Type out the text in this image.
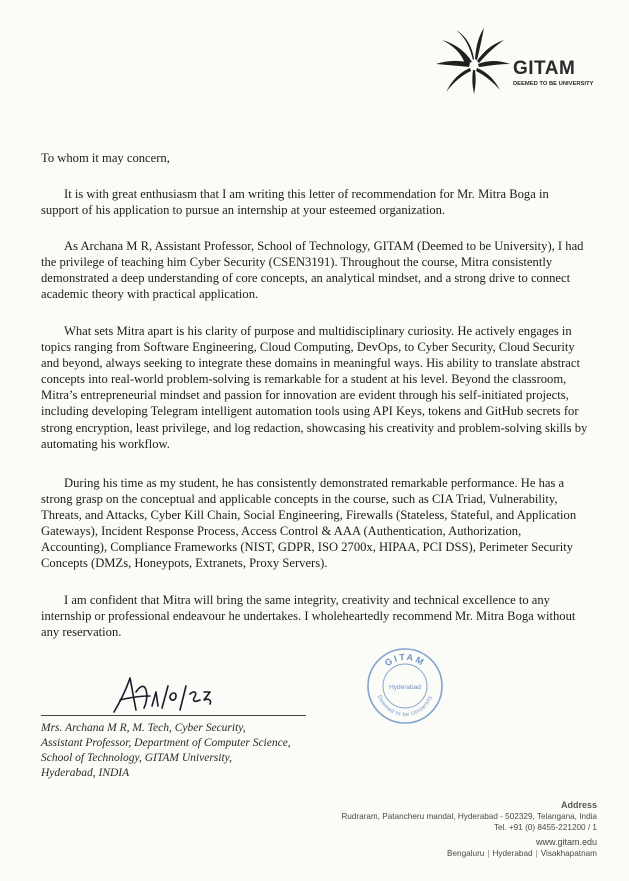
GITAM
DEEMED TO BE UNIVERSITY
To whom it may concern,

It is with great enthusiasm that I am writing this letter of recommendation for Mr. Mitra Boga in support of his application to pursue an internship at your esteemed organization.

As Archana M R, Assistant Professor, School of Technology, GITAM (Deemed to be University), I had the privilege of teaching him Cyber Security (CSEN3191). Throughout the course, Mitra consistently demonstrated a deep understanding of core concepts, an analytical mindset, and a strong drive to connect academic theory with practical application.

What sets Mitra apart is his clarity of purpose and multidisciplinary curiosity. He actively engages in topics ranging from Software Engineering, Cloud Computing, DevOps, to Cyber Security, Cloud Security and beyond, always seeking to integrate these domains in meaningful ways. His ability to translate abstract concepts into real-world problem-solving is remarkable for a student at his level. Beyond the classroom, Mitra’s entrepreneurial mindset and passion for innovation are evident through his self-initiated projects, including developing Telegram intelligent automation tools using API Keys, tokens and GitHub secrets for strong encryption, least privilege, and log redaction, showcasing his creativity and problem-solving skills by automating his workflow.

During his time as my student, he has consistently demonstrated remarkable performance. He has a strong grasp on the conceptual and applicable concepts in the course, such as CIA Triad, Vulnerability, Threats, and Attacks, Cyber Kill Chain, Social Engineering, Firewalls (Stateless, Stateful, and Application Gateways), Incident Response Process, Access Control & AAA (Authentication, Authorization, Accounting), Compliance Frameworks (NIST, GDPR, ISO 2700x, HIPAA, PCI DSS), Perimeter Security Concepts (DMZs, Honeypots, Extranets, Proxy Servers).

I am confident that Mitra will bring the same integrity, creativity and technical excellence to any internship or professional endeavour he undertakes. I wholeheartedly recommend Mr. Mitra Boga without any reservation.

Mrs. Archana M R, M. Tech, Cyber Security,
Assistant Professor, Department of Computer Science,
School of Technology, GITAM University,
Hyderabad, INDIA
GITAM
Hyderabad
Deemed to be University
Address
Rudraram, Patancheru mandal, Hyderabad - 502329, Telangana, India
Tel. +91 (0) 8455-221200 / 1
www.gitam.edu
Bengaluru | Hyderabad | Visakhapatnam
